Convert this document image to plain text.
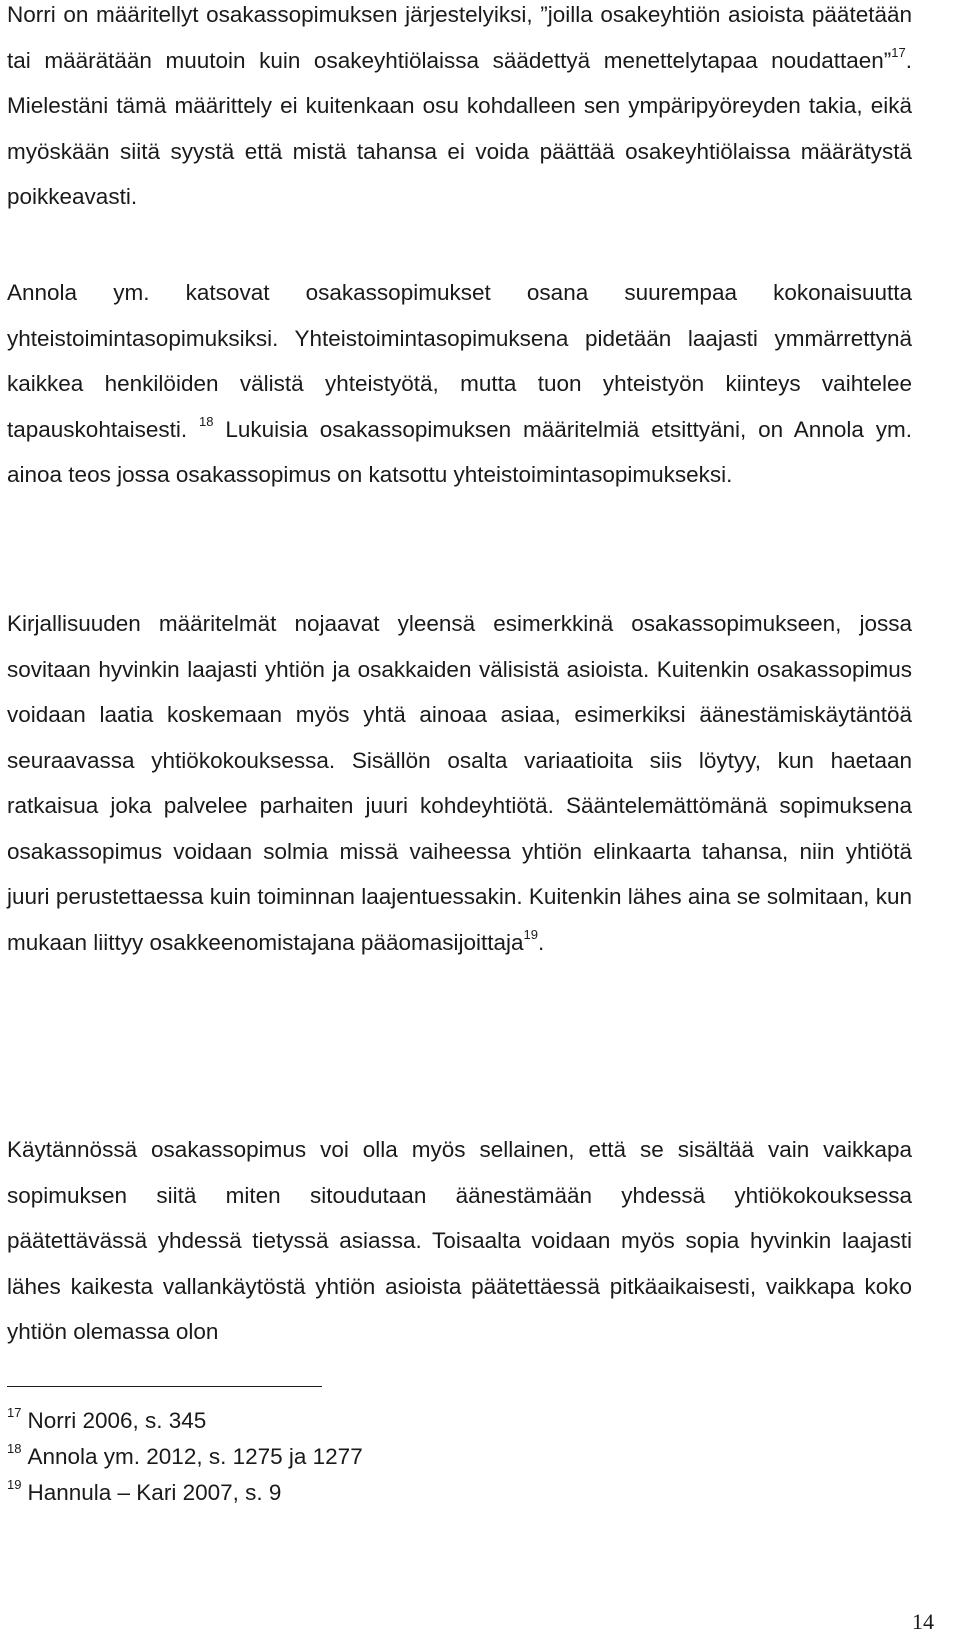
Norri on määritellyt osakassopimuksen järjestelyiksi, ”joilla osakeyhtiön asioista päätetään tai määrätään muutoin kuin osakeyhtiölaissa säädettyä menettelytapaa noudattaen”$^{17}$. Mielestäni tämä määrittely ei kuitenkaan osu kohdalleen sen ympäripyöreyden takia, eikä myöskään siitä syystä että mistä tahansa ei voida päättää osakeyhtiölaissa määrätystä poikkeavasti.

Annola ym. katsovat osakassopimukset osana suurempaa kokonaisuutta yhteistoimintasopimuksiksi. Yhteistoimintasopimuksena pidetään laajasti ymmärrettynä kaikkea henkilöiden välistä yhteistyötä, mutta tuon yhteistyön kiinteys vaihtelee tapauskohtaisesti. $^{18}$ Lukuisia osakassopimuksen määritelmiä etsittyäni, on Annola ym. ainoa teos jossa osakassopimus on katsottu yhteistoimintasopimukseksi.

Kirjallisuuden määritelmät nojaavat yleensä esimerkkinä osakassopimukseen, jossa sovitaan hyvinkin laajasti yhtiön ja osakkaiden välisistä asioista. Kuitenkin osakassopimus voidaan laatia koskemaan myös yhtä ainoaa asiaa, esimerkiksi äänestämiskäytäntöä seuraavassa yhtiökokouksessa. Sisällön osalta variaatioita siis löytyy, kun haetaan ratkaisua joka palvelee parhaiten juuri kohdeyhtiötä. Sääntelemättömänä sopimuksena osakassopimus voidaan solmia missä vaiheessa yhtiön elinkaarta tahansa, niin yhtiötä juuri perustettaessa kuin toiminnan laajentuessakin. Kuitenkin lähes aina se solmitaan, kun mukaan liittyy osakkeenomistajana pääomasijoittaja$^{19}$.

Käytännössä osakassopimus voi olla myös sellainen, että se sisältää vain vaikkapa sopimuksen siitä miten sitoudutaan äänestämään yhdessä yhtiökokouksessa päätettävässä yhdessä tietyssä asiassa. Toisaalta voidaan myös sopia hyvinkin laajasti lähes kaikesta vallankäytöstä yhtiön asioista päätettäessä pitkäaikaisesti, vaikkapa koko yhtiön olemassa olon

$^{17}$ Norri 2006, s. 345
$^{18}$ Annola ym. 2012, s. 1275 ja 1277
$^{19}$ Hannula – Kari 2007, s. 9
14
